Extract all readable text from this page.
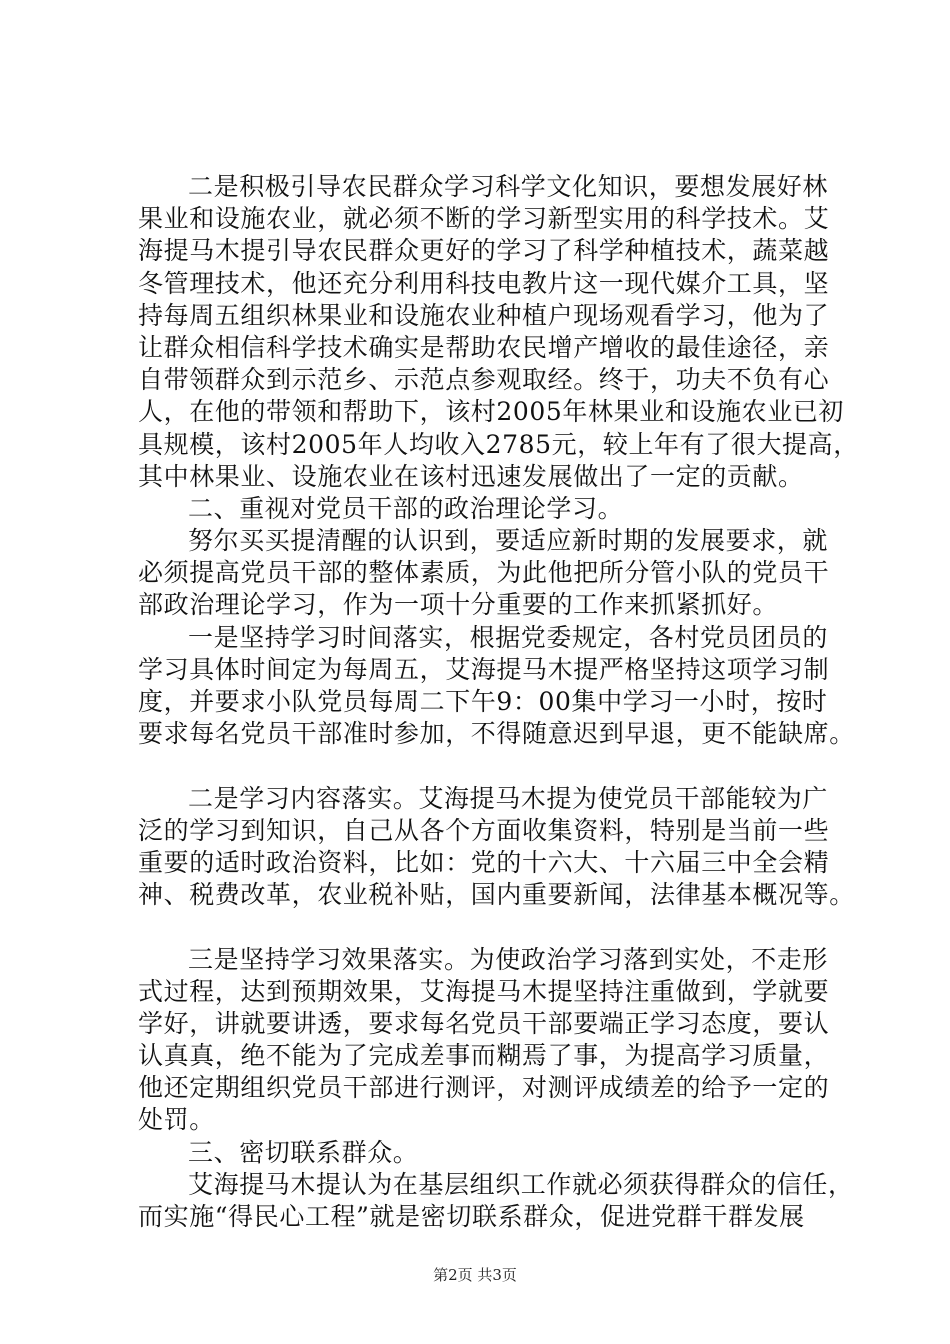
二是积极引导农民群众学习科学文化知识，要想发展好林
果业和设施农业，就必须不断的学习新型实用的科学技术。艾
海提马木提引导农民群众更好的学习了科学种植技术，蔬菜越
冬管理技术，他还充分利用科技电教片这一现代媒介工具，坚
持每周五组织林果业和设施农业种植户现场观看学习，他为了
让群众相信科学技术确实是帮助农民增产增收的最佳途径，亲
自带领群众到示范乡、示范点参观取经。终于，功夫不负有心
人，在他的带领和帮助下，该村2005年林果业和设施农业已初
具规模，该村2005年人均收入2785元，较上年有了很大提高，
其中林果业、设施农业在该村迅速发展做出了一定的贡献。
二、重视对党员干部的政治理论学习。
努尔买买提清醒的认识到，要适应新时期的发展要求，就
必须提高党员干部的整体素质，为此他把所分管小队的党员干
部政治理论学习，作为一项十分重要的工作来抓紧抓好。
一是坚持学习时间落实，根据党委规定，各村党员团员的
学习具体时间定为每周五，艾海提马木提严格坚持这项学习制
度，并要求小队党员每周二下午9：00集中学习一小时，按时
要求每名党员干部准时参加，不得随意迟到早退，更不能缺席。
二是学习内容落实。艾海提马木提为使党员干部能较为广
泛的学习到知识，自己从各个方面收集资料，特别是当前一些
重要的适时政治资料，比如：党的十六大、十六届三中全会精
神、税费改革，农业税补贴，国内重要新闻，法律基本概况等。
三是坚持学习效果落实。为使政治学习落到实处，不走形
式过程，达到预期效果，艾海提马木提坚持注重做到，学就要
学好，讲就要讲透，要求每名党员干部要端正学习态度，要认
认真真，绝不能为了完成差事而糊焉了事，为提高学习质量，
他还定期组织党员干部进行测评，对测评成绩差的给予一定的
处罚。
三、密切联系群众。
艾海提马木提认为在基层组织工作就必须获得群众的信任，
而实施“得民心工程”就是密切联系群众，促进党群干群发展
第2页 共3页
